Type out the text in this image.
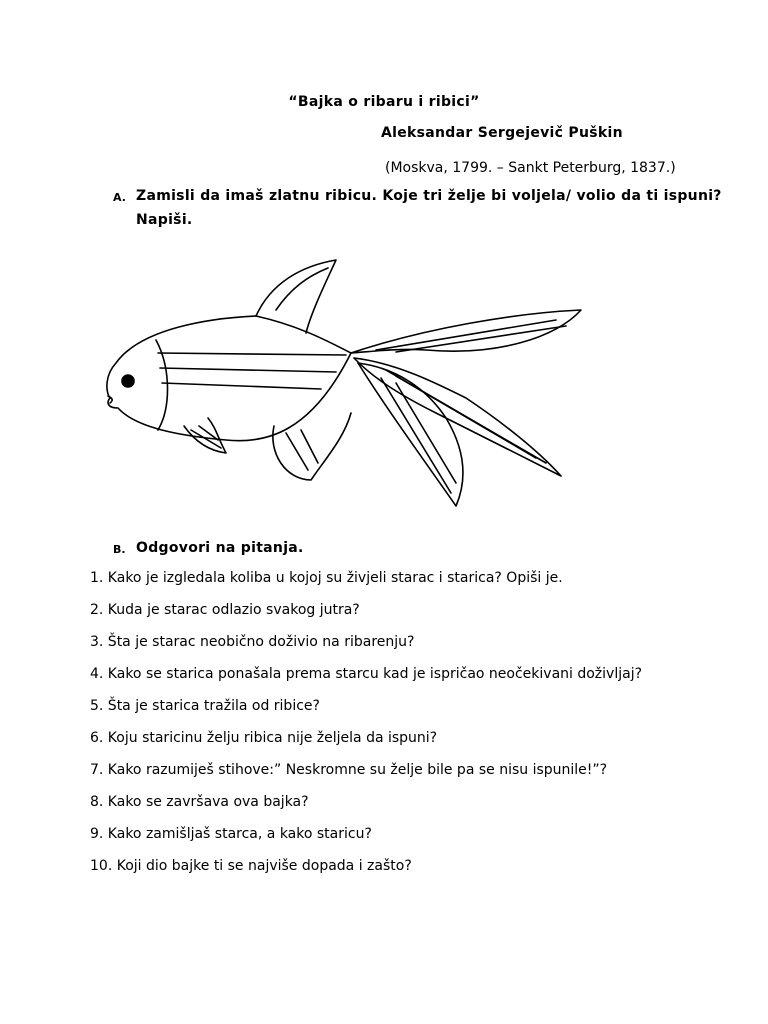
“Bajka o ribaru i ribici”
Aleksandar Sergejevič Puškin
(Moskva, 1799. – Sankt Peterburg, 1837.)
A. Zamisli da imaš zlatnu ribicu. Koje tri želje bi voljela/ volio da ti ispuni?
Napiši.
B. Odgovori na pitanja.
1. Kako je izgledala koliba u kojoj su živjeli starac i starica? Opiši je.
2. Kuda je starac odlazio svakog jutra?
3. Šta je starac neobično doživio na ribarenju?
4. Kako se starica ponašala prema starcu kad je ispričao neočekivani doživljaj?
5. Šta je starica tražila od ribice?
6. Koju staricinu želju ribica nije željela da ispuni?
7. Kako razumiješ stihove:” Neskromne su želje bile pa se nisu ispunile!”?
8. Kako se završava ova bajka?
9. Kako zamišljaš starca, a kako staricu?
10. Koji dio bajke ti se najviše dopada i zašto?
